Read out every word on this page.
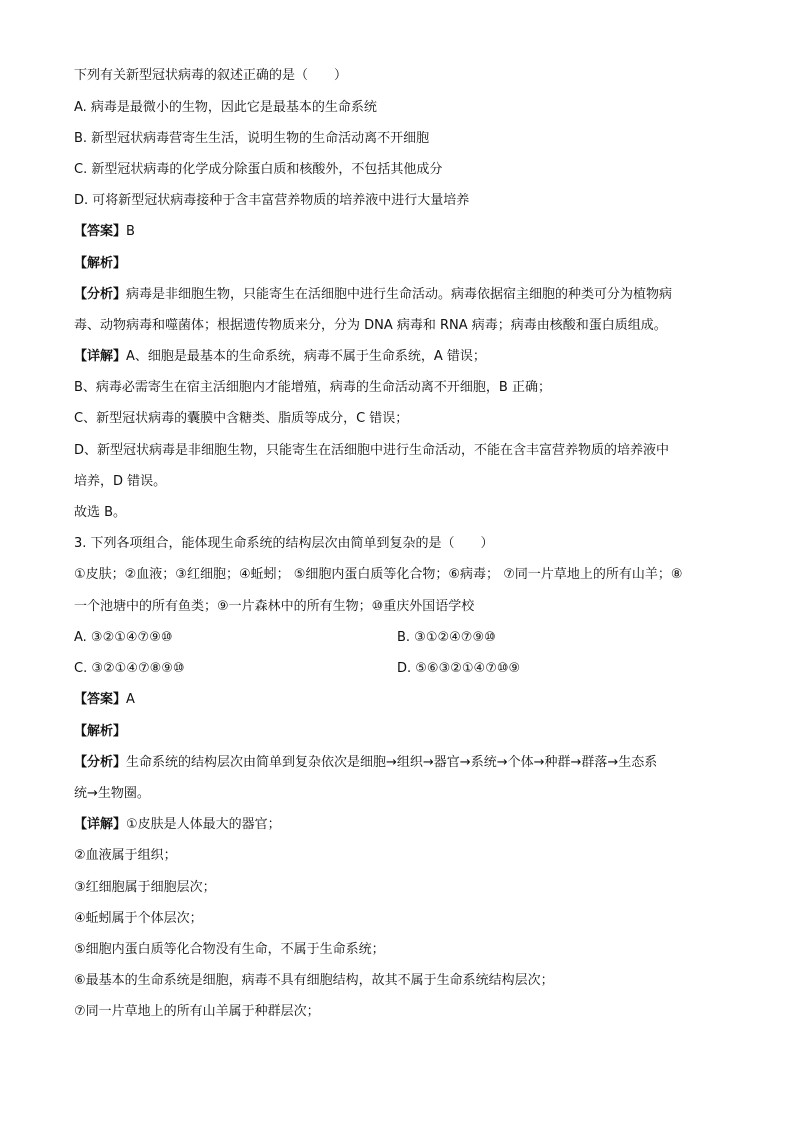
下列有关新型冠状病毒的叙述正确的是（　　）
A. 病毒是最微小的生物，因此它是最基本的生命系统
B. 新型冠状病毒营寄生生活，说明生物的生命活动离不开细胞
C. 新型冠状病毒的化学成分除蛋白质和核酸外，不包括其他成分
D. 可将新型冠状病毒接种于含丰富营养物质的培养液中进行大量培养
【答案】B
【解析】
【分析】病毒是非细胞生物，只能寄生在活细胞中进行生命活动。病毒依据宿主细胞的种类可分为植物病
毒、动物病毒和噬菌体；根据遗传物质来分，分为 DNA 病毒和 RNA 病毒；病毒由核酸和蛋白质组成。
【详解】A、细胞是最基本的生命系统，病毒不属于生命系统，A 错误；
B、病毒必需寄生在宿主活细胞内才能增殖，病毒的生命活动离不开细胞，B 正确；
C、新型冠状病毒的囊膜中含糖类、脂质等成分，C 错误；
D、新型冠状病毒是非细胞生物，只能寄生在活细胞中进行生命活动，不能在含丰富营养物质的培养液中
培养，D 错误。
故选 B。
3. 下列各项组合，能体现生命系统的结构层次由简单到复杂的是（　　）
①皮肤；②血液；③红细胞；④蚯蚓； ⑤细胞内蛋白质等化合物；⑥病毒； ⑦同一片草地上的所有山羊；⑧
一个池塘中的所有鱼类；⑨一片森林中的所有生物；⑩重庆外国语学校
A. ③②①④⑦⑨⑩	B. ③①②④⑦⑨⑩
C. ③②①④⑦⑧⑨⑩	D. ⑤⑥③②①④⑦⑩⑨
【答案】A
【解析】
【分析】生命系统的结构层次由简单到复杂依次是细胞→组织→器官→系统→个体→种群→群落→生态系
统→生物圈。
【详解】①皮肤是人体最大的器官；
②血液属于组织；
③红细胞属于细胞层次；
④蚯蚓属于个体层次；
⑤细胞内蛋白质等化合物没有生命，不属于生命系统；
⑥最基本的生命系统是细胞，病毒不具有细胞结构，故其不属于生命系统结构层次；
⑦同一片草地上的所有山羊属于种群层次；
